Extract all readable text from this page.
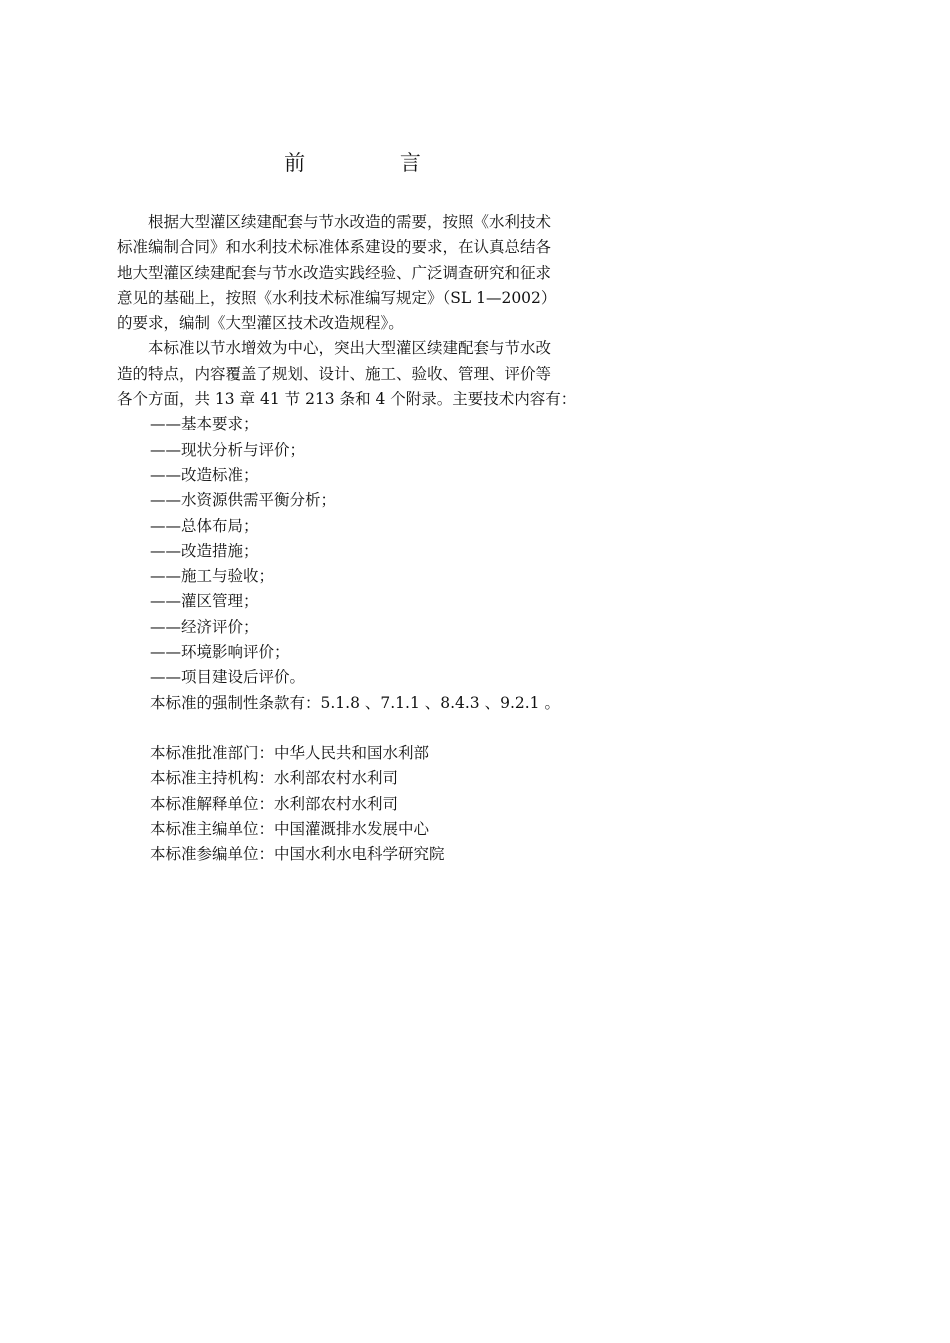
前 言

根据大型灌区续建配套与节水改造的需要，按照《水利技术
标准编制合同》和水利技术标准体系建设的要求，在认真总结各
地大型灌区续建配套与节水改造实践经验、广泛调查研究和征求
意见的基础上，按照《水利技术标准编写规定》（SL 1—2002）
的要求，编制《大型灌区技术改造规程》。

本标准以节水增效为中心，突出大型灌区续建配套与节水改
造的特点，内容覆盖了规划、设计、施工、验收、管理、评价等
各个方面，共 13 章 41 节 213 条和 4 个附录。主要技术内容有：

——基本要求；
——现状分析与评价；
——改造标准；
——水资源供需平衡分析；
——总体布局；
——改造措施；
——施工与验收；
——灌区管理；
——经济评价；
——环境影响评价；
——项目建设后评价。

本标准的强制性条款有：5.1.8 、7.1.1 、8.4.3 、9.2.1 。

本标准批准部门：中华人民共和国水利部
本标准主持机构：水利部农村水利司
本标准解释单位：水利部农村水利司
本标准主编单位：中国灌溉排水发展中心
本标准参编单位：中国水利水电科学研究院
